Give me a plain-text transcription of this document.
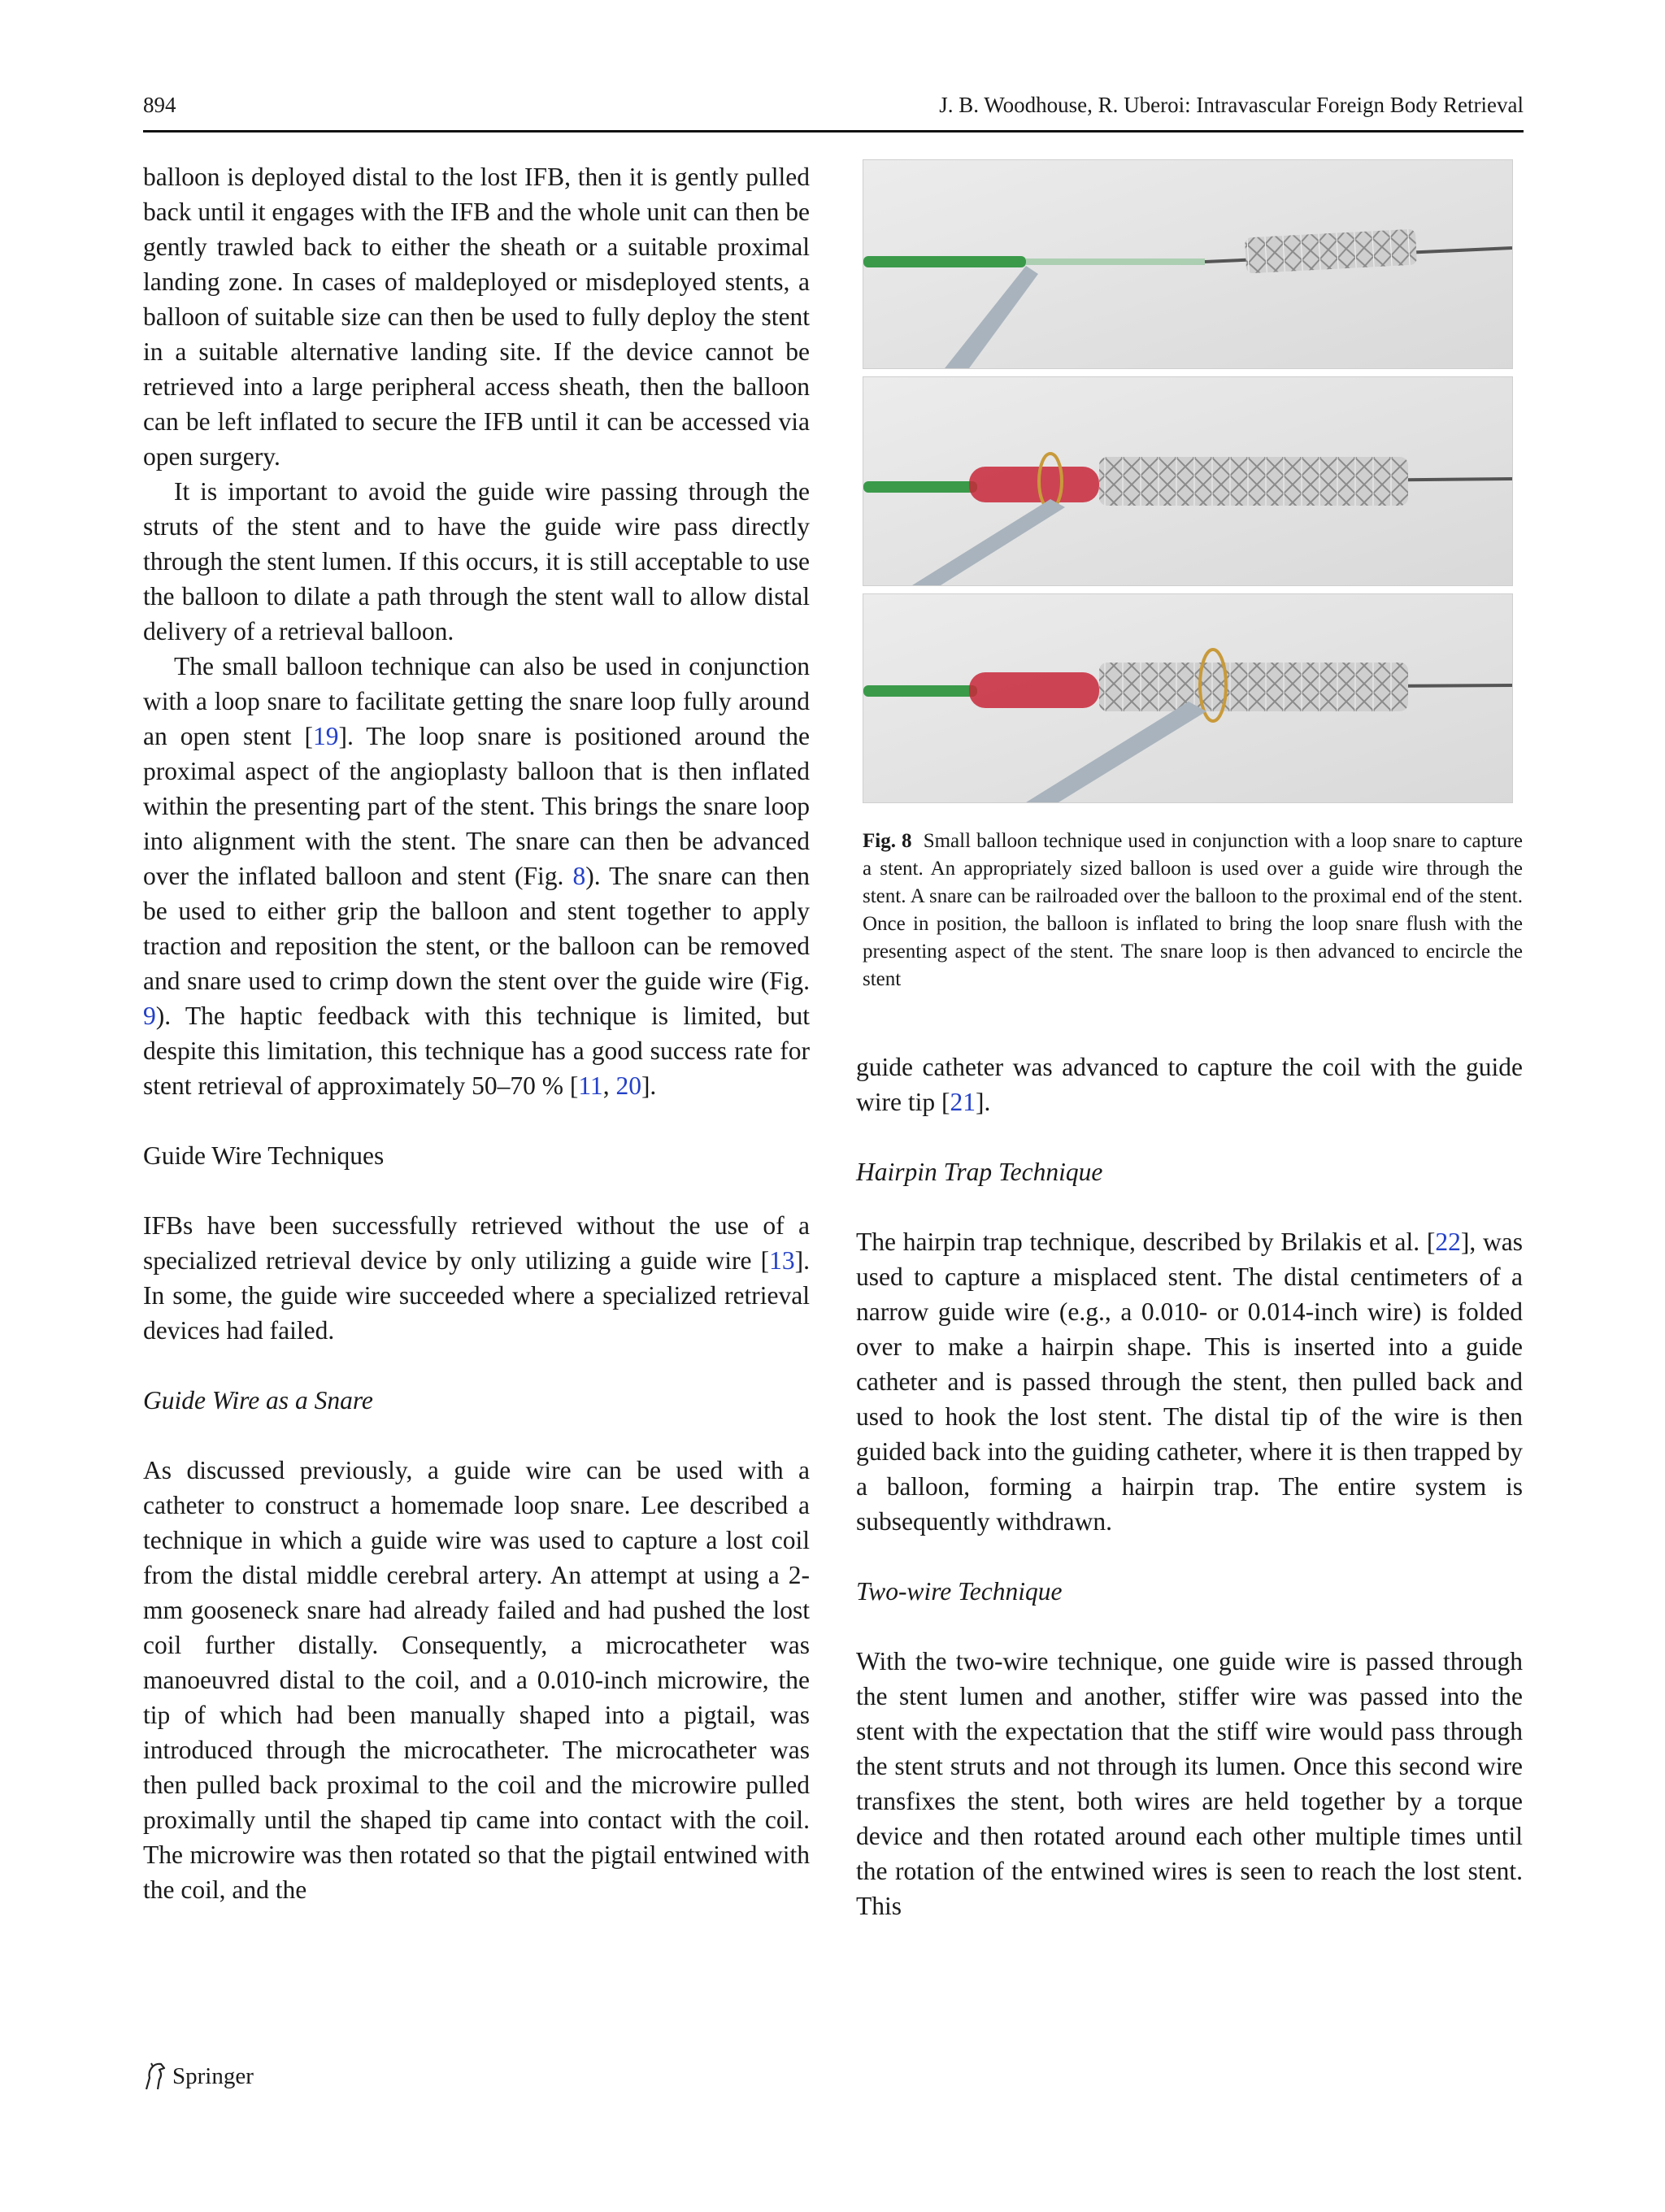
894	J. B. Woodhouse, R. Uberoi: Intravascular Foreign Body Retrieval

balloon is deployed distal to the lost IFB, then it is gently pulled back until it engages with the IFB and the whole unit can then be gently trawled back to either the sheath or a suitable proximal landing zone. In cases of maldeployed or misdeployed stents, a balloon of suitable size can then be used to fully deploy the stent in a suitable alternative landing site. If the device cannot be retrieved into a large peripheral access sheath, then the balloon can be left inflated to secure the IFB until it can be accessed via open surgery.

It is important to avoid the guide wire passing through the struts of the stent and to have the guide wire pass directly through the stent lumen. If this occurs, it is still acceptable to use the balloon to dilate a path through the stent wall to allow distal delivery of a retrieval balloon.

The small balloon technique can also be used in conjunction with a loop snare to facilitate getting the snare loop fully around an open stent [19]. The loop snare is positioned around the proximal aspect of the angioplasty balloon that is then inflated within the presenting part of the stent. This brings the snare loop into alignment with the stent. The snare can then be advanced over the inflated balloon and stent (Fig. 8). The snare can then be used to either grip the balloon and stent together to apply traction and reposition the stent, or the balloon can be removed and snare used to crimp down the stent over the guide wire (Fig. 9). The haptic feedback with this technique is limited, but despite this limitation, this technique has a good success rate for stent retrieval of approximately 50–70 % [11, 20].

Guide Wire Techniques

IFBs have been successfully retrieved without the use of a specialized retrieval device by only utilizing a guide wire [13]. In some, the guide wire succeeded where a specialized retrieval devices had failed.

Guide Wire as a Snare

As discussed previously, a guide wire can be used with a catheter to construct a homemade loop snare. Lee described a technique in which a guide wire was used to capture a lost coil from the distal middle cerebral artery. An attempt at using a 2-mm gooseneck snare had already failed and had pushed the lost coil further distally. Consequently, a microcatheter was manoeuvred distal to the coil, and a 0.010-inch microwire, the tip of which had been manually shaped into a pigtail, was introduced through the microcatheter. The microcatheter was then pulled back proximal to the coil and the microwire pulled proximally until the shaped tip came into contact with the coil. The microwire was then rotated so that the pigtail entwined with the coil, and the

Fig. 8 Small balloon technique used in conjunction with a loop snare to capture a stent. An appropriately sized balloon is used over a guide wire through the stent. A snare can be railroaded over the balloon to the proximal end of the stent. Once in position, the balloon is inflated to bring the loop snare flush with the presenting aspect of the stent. The snare loop is then advanced to encircle the stent

guide catheter was advanced to capture the coil with the guide wire tip [21].

Hairpin Trap Technique

The hairpin trap technique, described by Brilakis et al. [22], was used to capture a misplaced stent. The distal centimeters of a narrow guide wire (e.g., a 0.010- or 0.014-inch wire) is folded over to make a hairpin shape. This is inserted into a guide catheter and is passed through the stent, then pulled back and used to hook the lost stent. The distal tip of the wire is then guided back into the guiding catheter, where it is then trapped by a balloon, forming a hairpin trap. The entire system is subsequently withdrawn.

Two-wire Technique

With the two-wire technique, one guide wire is passed through the stent lumen and another, stiffer wire was passed into the stent with the expectation that the stiff wire would pass through the stent struts and not through its lumen. Once this second wire transfixes the stent, both wires are held together by a torque device and then rotated around each other multiple times until the rotation of the entwined wires is seen to reach the lost stent. This

Springer
